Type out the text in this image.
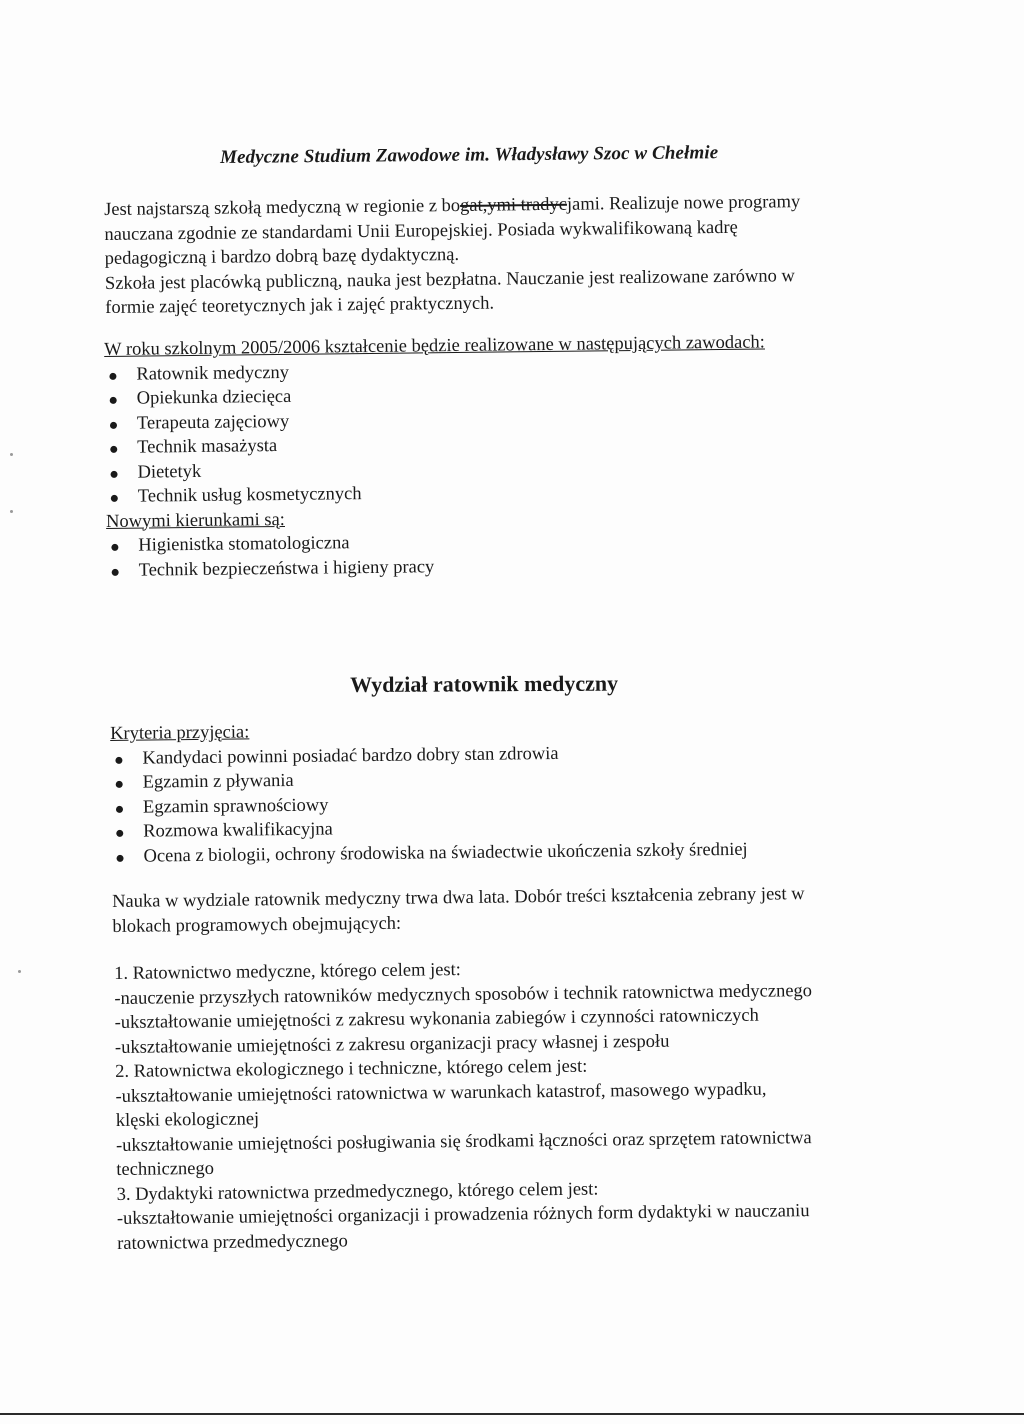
Medyczne Studium Zawodowe im. Władysławy Szoc w Chełmie

Jest najstarszą szkołą medyczną w regionie z bogat,ymi tradycjami. Realizuje nowe programy

nauczana zgodnie ze standardami Unii Europejskiej. Posiada wykwalifikowaną kadrę

pedagogiczną i bardzo dobrą bazę dydaktyczną.

Szkoła jest placówką publiczną, nauka jest bezpłatna. Nauczanie jest realizowane zarówno w

formie zajęć teoretycznych jak i zajęć praktycznych.

W roku szkolnym 2005/2006 kształcenie będzie realizowane w następujących zawodach:

Ratownik medyczny
Opiekunka dziecięca
Terapeuta zajęciowy
Technik masażysta
Dietetyk
Technik usług kosmetycznych

Nowymi kierunkami są:

Higienistka stomatologiczna
Technik bezpieczeństwa i higieny pracy
Wydział ratownik medyczny

Kryteria przyjęcia:

Kandydaci powinni posiadać bardzo dobry stan zdrowia
Egzamin z pływania
Egzamin sprawnościowy
Rozmowa kwalifikacyjna
Ocena z biologii, ochrony środowiska na świadectwie ukończenia szkoły średniej

Nauka w wydziale ratownik medyczny trwa dwa lata. Dobór treści kształcenia zebrany jest w

blokach programowych obejmujących:

1. Ratownictwo medyczne, którego celem jest:

-nauczenie przyszłych ratowników medycznych sposobów i technik ratownictwa medycznego

-ukształtowanie umiejętności z zakresu wykonania zabiegów i czynności ratowniczych

-ukształtowanie umiejętności z zakresu organizacji pracy własnej i zespołu

2. Ratownictwa ekologicznego i techniczne, którego celem jest:

-ukształtowanie umiejętności ratownictwa w warunkach katastrof, masowego wypadku,

klęski ekologicznej

-ukształtowanie umiejętności posługiwania się środkami łączności oraz sprzętem ratownictwa

technicznego

3. Dydaktyki ratownictwa przedmedycznego, którego celem jest:

-ukształtowanie umiejętności organizacji i prowadzenia różnych form dydaktyki w nauczaniu

ratownictwa przedmedycznego
